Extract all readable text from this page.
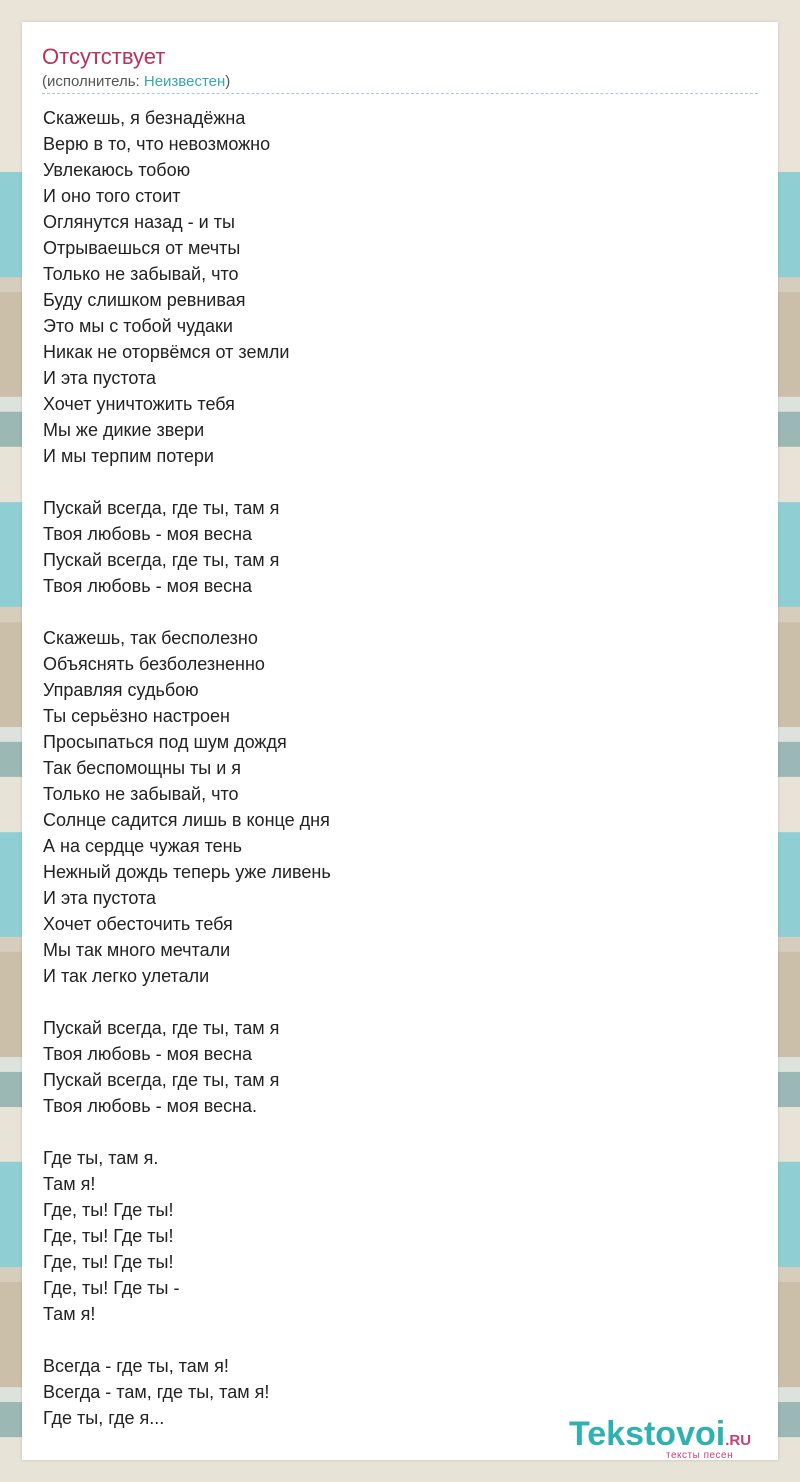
Отсутствует
(исполнитель: Неизвестен)
Скажешь, я безнадёжна
Верю в то, что невозможно
Увлекаюсь тобою
И оно того стоит
Оглянутся назад - и ты
Отрываешься от мечты
Только не забывай, что
Буду слишком ревнивая
Это мы с тобой чудаки
Никак не оторвёмся от земли
И эта пустота
Хочет уничтожить тебя
Мы же дикие звери
И мы терпим потери
Пускай всегда, где ты, там я
Твоя любовь - моя весна
Пускай всегда, где ты, там я
Твоя любовь - моя весна
Скажешь, так бесполезно
Объяснять безболезненно
Управляя судьбою
Ты серьёзно настроен
Просыпаться под шум дождя
Так беспомощны ты и я
Только не забывай, что
Солнце садится лишь в конце дня
А на сердце чужая тень
Нежный дождь теперь уже ливень
И эта пустота
Хочет обесточить тебя
Мы так много мечтали
И так легко улетали
Пускай всегда, где ты, там я
Твоя любовь - моя весна
Пускай всегда, где ты, там я
Твоя любовь - моя весна.
Где ты, там я.
Там я!
Где, ты! Где ты!
Где, ты! Где ты!
Где, ты! Где ты!
Где, ты! Где ты -
Там я!
Всегда - где ты, там я!
Всегда - там, где ты, там я!
Где ты, где я...	Tekstovoi.RU
тексты песен
